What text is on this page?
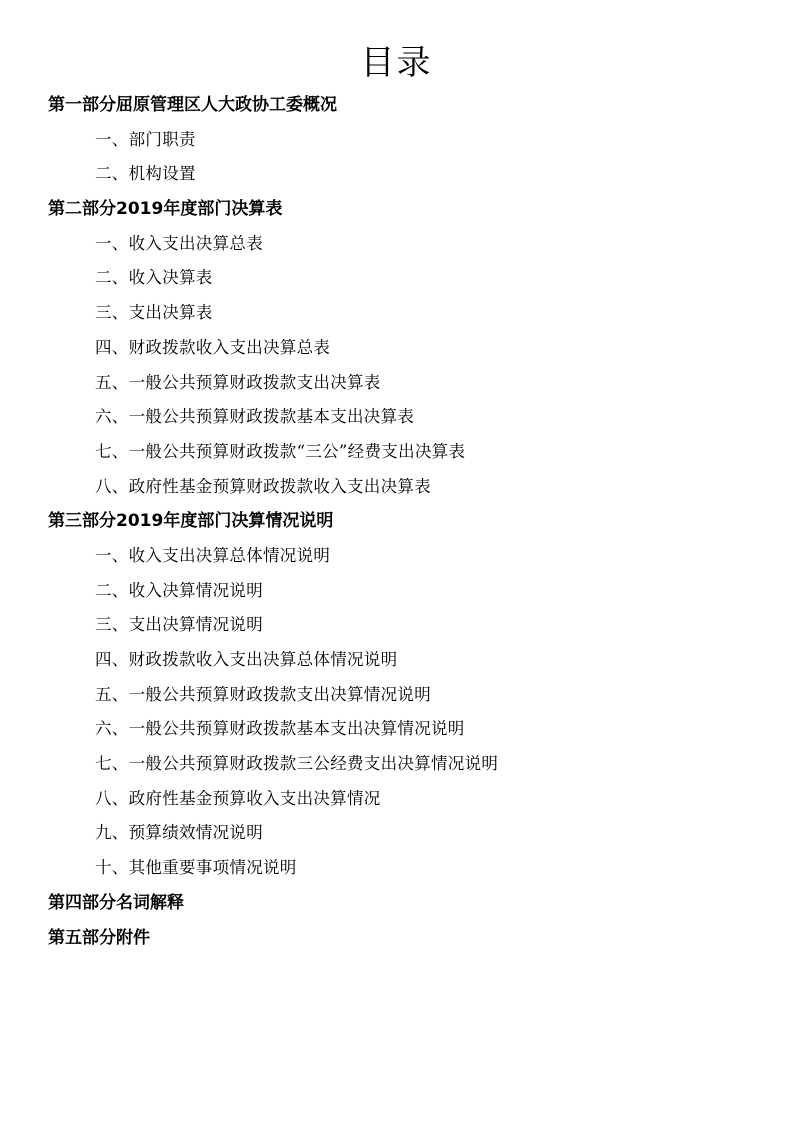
目录
第一部分屈原管理区人大政协工委概况
一、部门职责
二、机构设置
第二部分2019年度部门决算表
一、收入支出决算总表
二、收入决算表
三、支出决算表
四、财政拨款收入支出决算总表
五、一般公共预算财政拨款支出决算表
六、一般公共预算财政拨款基本支出决算表
七、一般公共预算财政拨款“三公”经费支出决算表
八、政府性基金预算财政拨款收入支出决算表
第三部分2019年度部门决算情况说明
一、收入支出决算总体情况说明
二、收入决算情况说明
三、支出决算情况说明
四、财政拨款收入支出决算总体情况说明
五、一般公共预算财政拨款支出决算情况说明
六、一般公共预算财政拨款基本支出决算情况说明
七、一般公共预算财政拨款三公经费支出决算情况说明
八、政府性基金预算收入支出决算情况
九、预算绩效情况说明
十、其他重要事项情况说明
第四部分名词解释
第五部分附件
